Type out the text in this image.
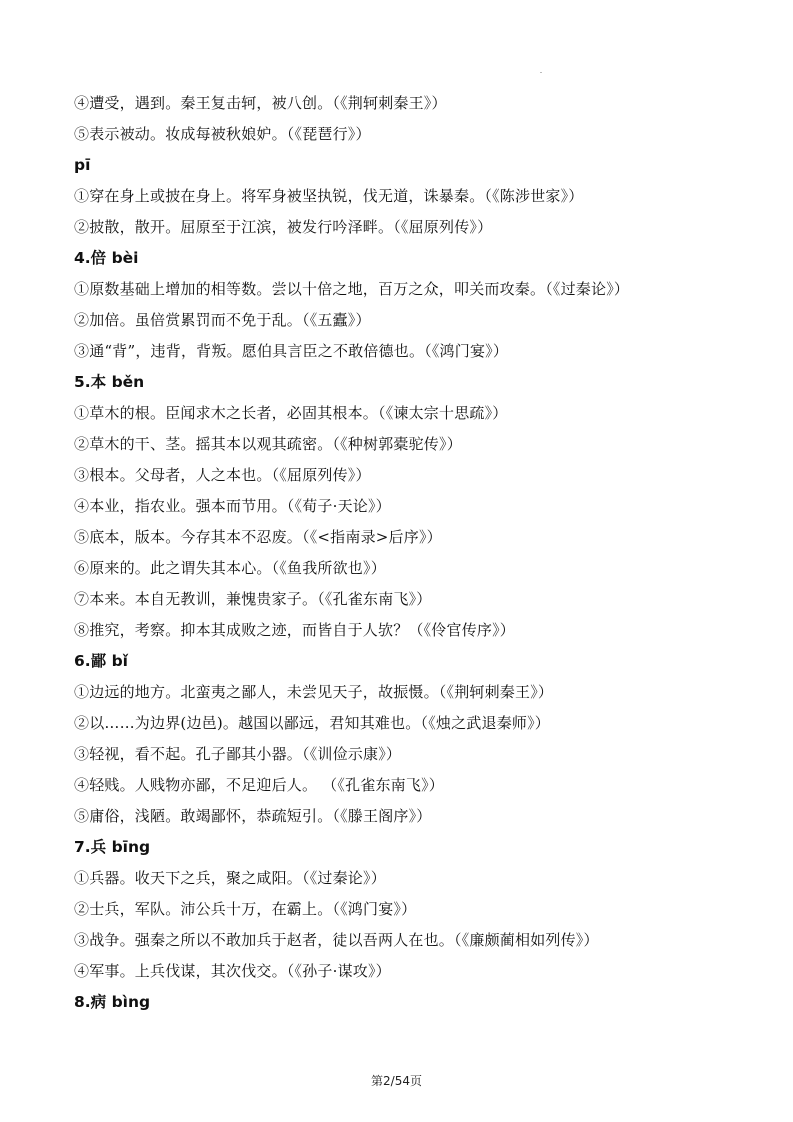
④遭受，遇到。秦王复击轲，被八创。（《荆轲刺秦王》）
⑤表示被动。妆成每被秋娘妒。（《琵琶行》）
pī
①穿在身上或披在身上。将军身被坚执锐，伐无道，诛暴秦。（《陈涉世家》）
②披散，散开。屈原至于江滨，被发行吟泽畔。（《屈原列传》）
4.倍 bèi
①原数基础上增加的相等数。尝以十倍之地，百万之众，叩关而攻秦。（《过秦论》）
②加倍。虽倍赏累罚而不免于乱。（《五蠹》）
③通“背”，违背，背叛。愿伯具言臣之不敢倍德也。（《鸿门宴》）
5.本 běn
①草木的根。臣闻求木之长者，必固其根本。（《谏太宗十思疏》）
②草木的干、茎。摇其本以观其疏密。（《种树郭橐驼传》）
③根本。父母者，人之本也。（《屈原列传》）
④本业，指农业。强本而节用。（《荀子·天论》）
⑤底本，版本。今存其本不忍废。（《<指南录>后序》）
⑥原来的。此之谓失其本心。（《鱼我所欲也》）
⑦本来。本自无教训，兼愧贵家子。（《孔雀东南飞》）
⑧推究，考察。抑本其成败之迹，而皆自于人欤？（《伶官传序》）
6.鄙 bǐ
①边远的地方。北蛮夷之鄙人，未尝见天子，故振慑。（《荆轲刺秦王》）
②以……为边界(边邑)。越国以鄙远，君知其难也。（《烛之武退秦师》）
③轻视，看不起。孔子鄙其小器。（《训俭示康》）
④轻贱。人贱物亦鄙，不足迎后人。 （《孔雀东南飞》）
⑤庸俗，浅陋。敢竭鄙怀，恭疏短引。（《滕王阁序》）
7.兵 bīng
①兵器。收天下之兵，聚之咸阳。（《过秦论》）
②士兵，军队。沛公兵十万，在霸上。（《鸿门宴》）
③战争。强秦之所以不敢加兵于赵者，徒以吾两人在也。（《廉颇蔺相如列传》）
④军事。上兵伐谋，其次伐交。（《孙子·谋攻》）
8.病 bìng
第2/54页
